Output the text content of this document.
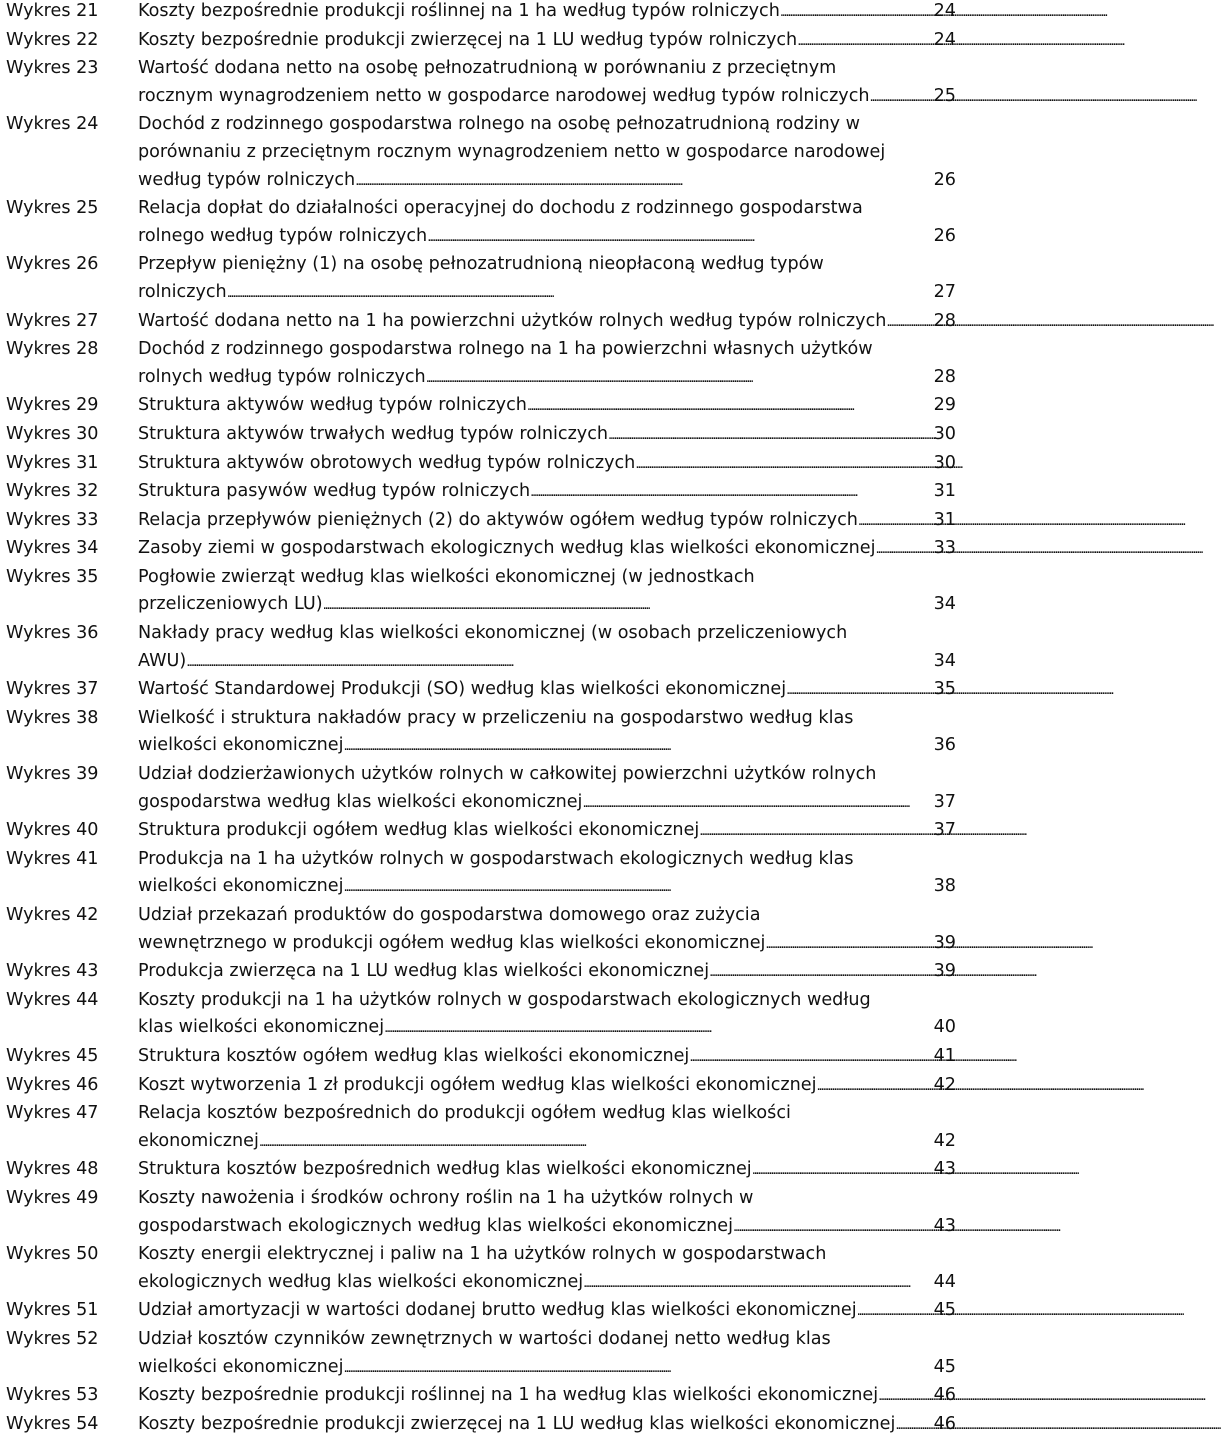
Wykres 21	Koszty bezpośrednie produkcji roślinnej na 1 ha według typów rolniczych . . .	24
Wykres 22	Koszty bezpośrednie produkcji zwierzęcej na 1 LU według typów rolniczych . . .	24
Wykres 23	Wartość dodana netto na osobę pełnozatrudnioną w porównaniu z przeciętnym
rocznym wynagrodzeniem netto w gospodarce narodowej według typów rolniczych . . .	25
Wykres 24	Dochód z rodzinnego gospodarstwa rolnego na osobę pełnozatrudnioną rodziny w
porównaniu z przeciętnym rocznym wynagrodzeniem netto w gospodarce narodowej
według typów rolniczych . . .	26
Wykres 25	Relacja dopłat do działalności operacyjnej do dochodu z rodzinnego gospodarstwa
rolnego według typów rolniczych . . .	26
Wykres 26	Przepływ pieniężny (1) na osobę pełnozatrudnioną nieopłaconą według typów
rolniczych . . .	27
Wykres 27	Wartość dodana netto na 1 ha powierzchni użytków rolnych według typów rolniczych . . .	28
Wykres 28	Dochód z rodzinnego gospodarstwa rolnego na 1 ha powierzchni własnych użytków
rolnych według typów rolniczych . . .	28
Wykres 29	Struktura aktywów według typów rolniczych . . .	29
Wykres 30	Struktura aktywów trwałych według typów rolniczych . . .	30
Wykres 31	Struktura aktywów obrotowych według typów rolniczych . . .	30
Wykres 32	Struktura pasywów według typów rolniczych . . .	31
Wykres 33	Relacja przepływów pieniężnych (2) do aktywów ogółem według typów rolniczych . . .	31
Wykres 34	Zasoby ziemi w gospodarstwach ekologicznych według klas wielkości ekonomicznej . . .	33
Wykres 35	Pogłowie zwierząt według klas wielkości ekonomicznej (w jednostkach
przeliczeniowych LU) . . .	34
Wykres 36	Nakłady pracy według klas wielkości ekonomicznej (w osobach przeliczeniowych
AWU) . . .	34
Wykres 37	Wartość Standardowej Produkcji (SO) według klas wielkości ekonomicznej . . .	35
Wykres 38	Wielkość i struktura nakładów pracy w przeliczeniu na gospodarstwo według klas
wielkości ekonomicznej . . .	36
Wykres 39	Udział dodzierżawionych użytków rolnych w całkowitej powierzchni użytków rolnych
gospodarstwa według klas wielkości ekonomicznej . . .	37
Wykres 40	Struktura produkcji ogółem według klas wielkości ekonomicznej . . .	37
Wykres 41	Produkcja na 1 ha użytków rolnych w gospodarstwach ekologicznych według klas
wielkości ekonomicznej . . .	38
Wykres 42	Udział przekazań produktów do gospodarstwa domowego oraz zużycia
wewnętrznego w produkcji ogółem według klas wielkości ekonomicznej . . .	39
Wykres 43	Produkcja zwierzęca na 1 LU według klas wielkości ekonomicznej . . .	39
Wykres 44	Koszty produkcji na 1 ha użytków rolnych w gospodarstwach ekologicznych według
klas wielkości ekonomicznej . . .	40
Wykres 45	Struktura kosztów ogółem według klas wielkości ekonomicznej . . .	41
Wykres 46	Koszt wytworzenia 1 zł produkcji ogółem według klas wielkości ekonomicznej . . .	42
Wykres 47	Relacja kosztów bezpośrednich do produkcji ogółem według klas wielkości
ekonomicznej . . .	42
Wykres 48	Struktura kosztów bezpośrednich według klas wielkości ekonomicznej . . .	43
Wykres 49	Koszty nawożenia i środków ochrony roślin na 1 ha użytków rolnych w
gospodarstwach ekologicznych według klas wielkości ekonomicznej . . .	43
Wykres 50	Koszty energii elektrycznej i paliw na 1 ha użytków rolnych w gospodarstwach
ekologicznych według klas wielkości ekonomicznej . . .	44
Wykres 51	Udział amortyzacji w wartości dodanej brutto według klas wielkości ekonomicznej . . .	45
Wykres 52	Udział kosztów czynników zewnętrznych w wartości dodanej netto według klas
wielkości ekonomicznej . . .	45
Wykres 53	Koszty bezpośrednie produkcji roślinnej na 1 ha według klas wielkości ekonomicznej . . .	46
Wykres 54	Koszty bezpośrednie produkcji zwierzęcej na 1 LU według klas wielkości ekonomicznej . . . 46
